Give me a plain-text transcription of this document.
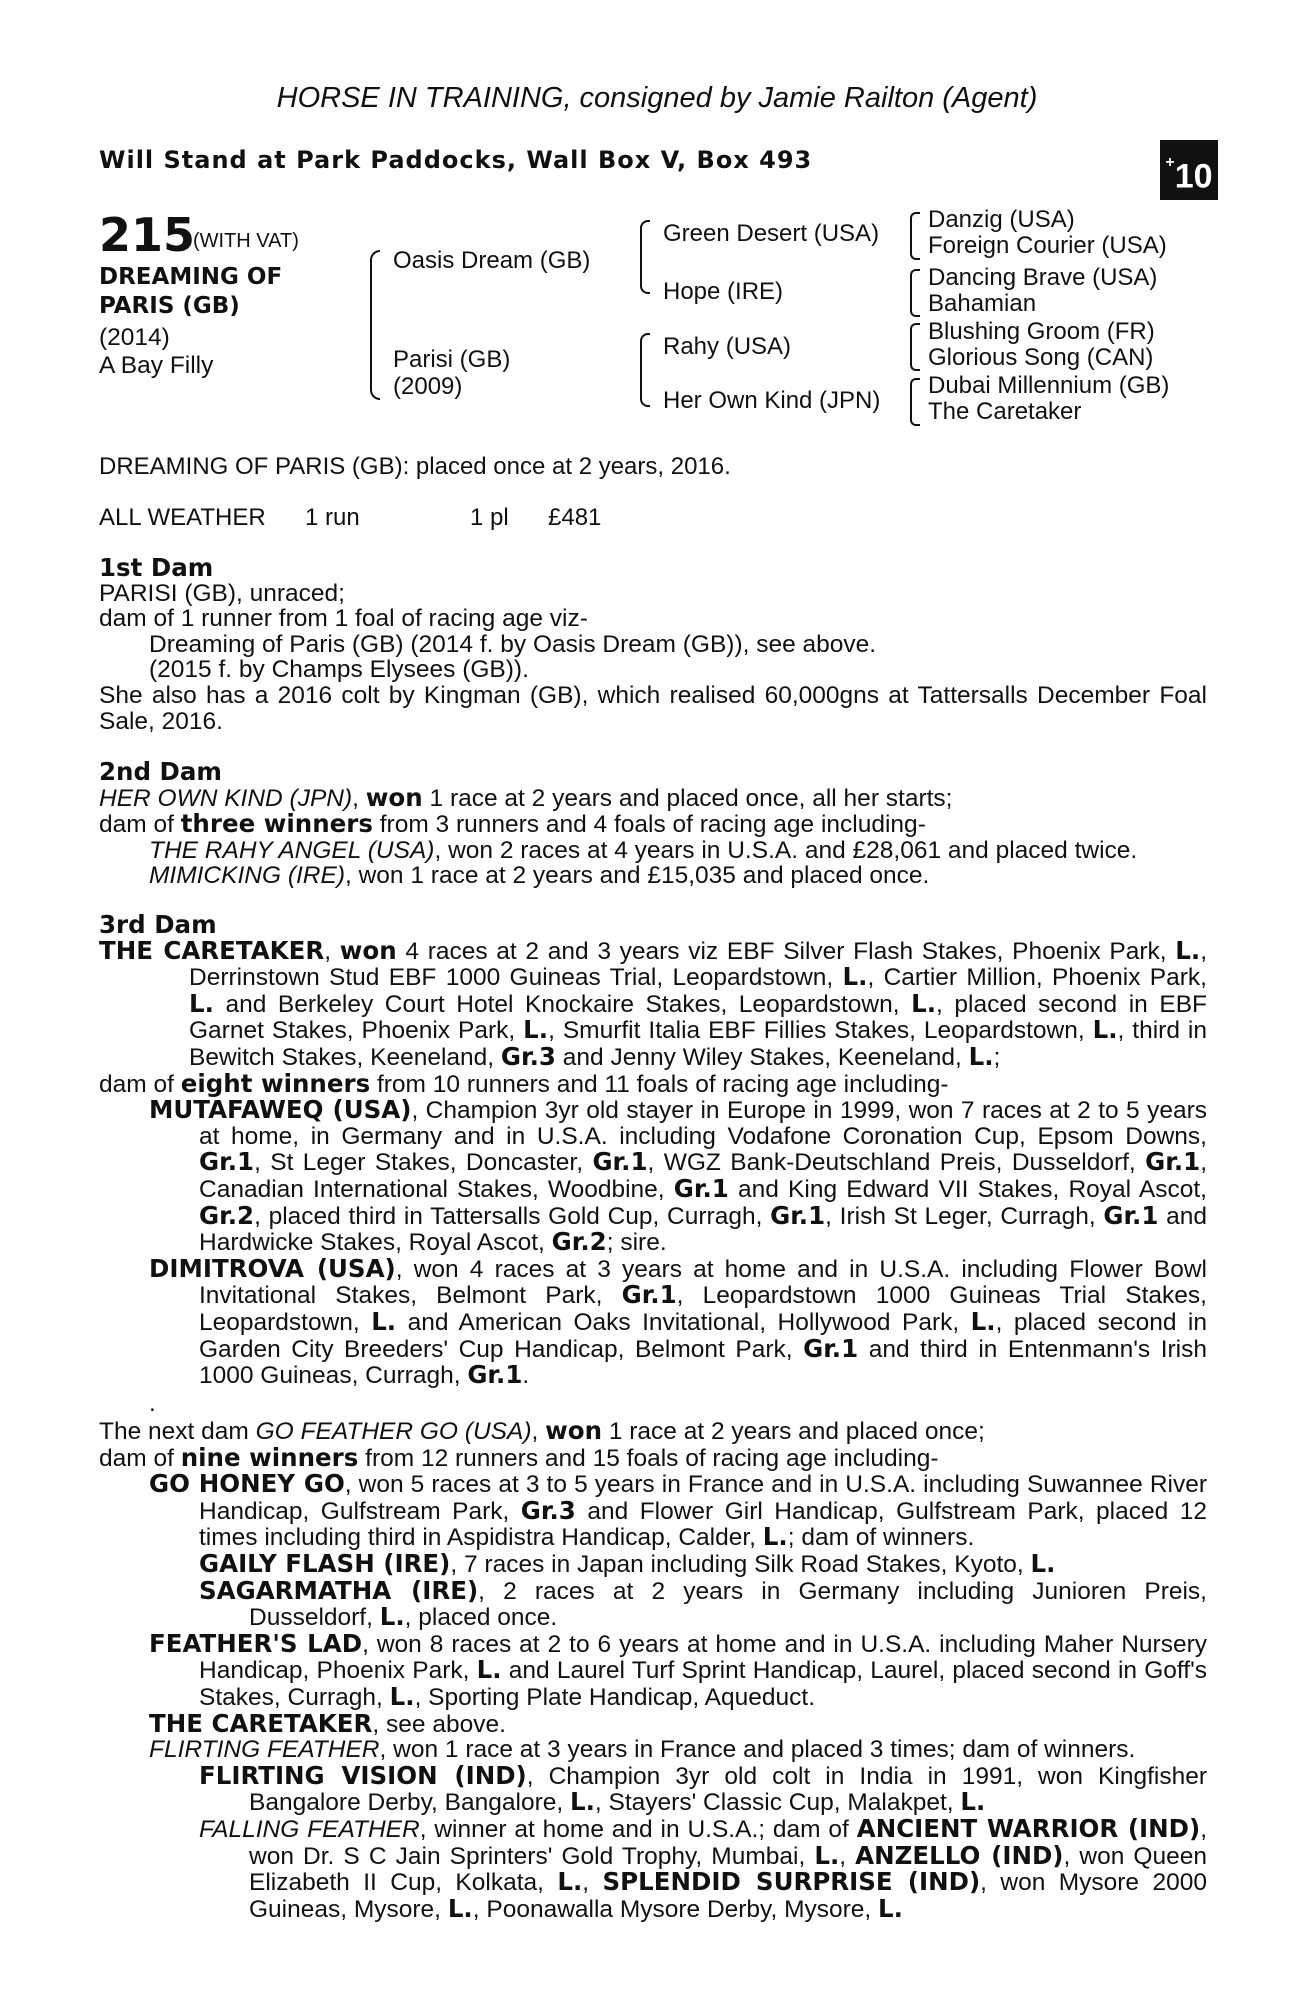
HORSE IN TRAINING, consigned by Jamie Railton (Agent)
Will Stand at Park Paddocks, Wall Box V, Box 493	+10
215
(WITH VAT)
DREAMING OF PARIS (GB)
(2014)
A Bay Filly
Oasis Dream (GB)
Parisi (GB)
(2009)
Green Desert (USA)
Hope (IRE)
Rahy (USA)
Her Own Kind (JPN)
Danzig (USA)
Foreign Courier (USA)
Dancing Brave (USA)
Bahamian
Blushing Groom (FR)
Glorious Song (CAN)
Dubai Millennium (GB)
The Caretaker
DREAMING OF PARIS (GB): placed once at 2 years, 2016.
ALL WEATHER 1 run	1 pl £481

1st Dam

PARISI (GB), unraced;

dam of 1 runner from 1 foal of racing age viz-

Dreaming of Paris (GB) (2014 f. by Oasis Dream (GB)), see above.

(2015 f. by Champs Elysees (GB)).

She also has a 2016 colt by Kingman (GB), which realised 60,000gns at Tattersalls December Foal Sale, 2016.

2nd Dam

HER OWN KIND (JPN), won 1 race at 2 years and placed once, all her starts;

dam of three winners from 3 runners and 4 foals of racing age including-

THE RAHY ANGEL (USA), won 2 races at 4 years in U.S.A. and £28,061 and placed twice.

MIMICKING (IRE), won 1 race at 2 years and £15,035 and placed once.

3rd Dam

THE CARETAKER, won 4 races at 2 and 3 years viz EBF Silver Flash Stakes, Phoenix Park, L., Derrinstown Stud EBF 1000 Guineas Trial, Leopardstown, L., Cartier Million, Phoenix Park, L. and Berkeley Court Hotel Knockaire Stakes, Leopardstown, L., placed second in EBF Garnet Stakes, Phoenix Park, L., Smurfit Italia EBF Fillies Stakes, Leopardstown, L., third in Bewitch Stakes, Keeneland, Gr.3 and Jenny Wiley Stakes, Keeneland, L.;

dam of eight winners from 10 runners and 11 foals of racing age including-

MUTAFAWEQ (USA), Champion 3yr old stayer in Europe in 1999, won 7 races at 2 to 5 years at home, in Germany and in U.S.A. including Vodafone Coronation Cup, Epsom Downs, Gr.1, St Leger Stakes, Doncaster, Gr.1, WGZ Bank-Deutschland Preis, Dusseldorf, Gr.1, Canadian International Stakes, Woodbine, Gr.1 and King Edward VII Stakes, Royal Ascot, Gr.2, placed third in Tattersalls Gold Cup, Curragh, Gr.1, Irish St Leger, Curragh, Gr.1 and Hardwicke Stakes, Royal Ascot, Gr.2; sire.

DIMITROVA (USA), won 4 races at 3 years at home and in U.S.A. including Flower Bowl Invitational Stakes, Belmont Park, Gr.1, Leopardstown 1000 Guineas Trial Stakes, Leopardstown, L. and American Oaks Invitational, Hollywood Park, L., placed second in Garden City Breeders' Cup Handicap, Belmont Park, Gr.1 and third in Entenmann's Irish 1000 Guineas, Curragh, Gr.1.

.

The next dam GO FEATHER GO (USA), won 1 race at 2 years and placed once;

dam of nine winners from 12 runners and 15 foals of racing age including-

GO HONEY GO, won 5 races at 3 to 5 years in France and in U.S.A. including Suwannee River Handicap, Gulfstream Park, Gr.3 and Flower Girl Handicap, Gulfstream Park, placed 12 times including third in Aspidistra Handicap, Calder, L.; dam of winners.

GAILY FLASH (IRE), 7 races in Japan including Silk Road Stakes, Kyoto, L.

SAGARMATHA (IRE), 2 races at 2 years in Germany including Junioren Preis, Dusseldorf, L., placed once.

FEATHER'S LAD, won 8 races at 2 to 6 years at home and in U.S.A. including Maher Nursery Handicap, Phoenix Park, L. and Laurel Turf Sprint Handicap, Laurel, placed second in Goff's Stakes, Curragh, L., Sporting Plate Handicap, Aqueduct.

THE CARETAKER, see above.

FLIRTING FEATHER, won 1 race at 3 years in France and placed 3 times; dam of winners.

FLIRTING VISION (IND), Champion 3yr old colt in India in 1991, won Kingfisher Bangalore Derby, Bangalore, L., Stayers' Classic Cup, Malakpet, L.

FALLING FEATHER, winner at home and in U.S.A.; dam of ANCIENT WARRIOR (IND), won Dr. S C Jain Sprinters' Gold Trophy, Mumbai, L., ANZELLO (IND), won Queen Elizabeth II Cup, Kolkata, L., SPLENDID SURPRISE (IND), won Mysore 2000 Guineas, Mysore, L., Poonawalla Mysore Derby, Mysore, L.
